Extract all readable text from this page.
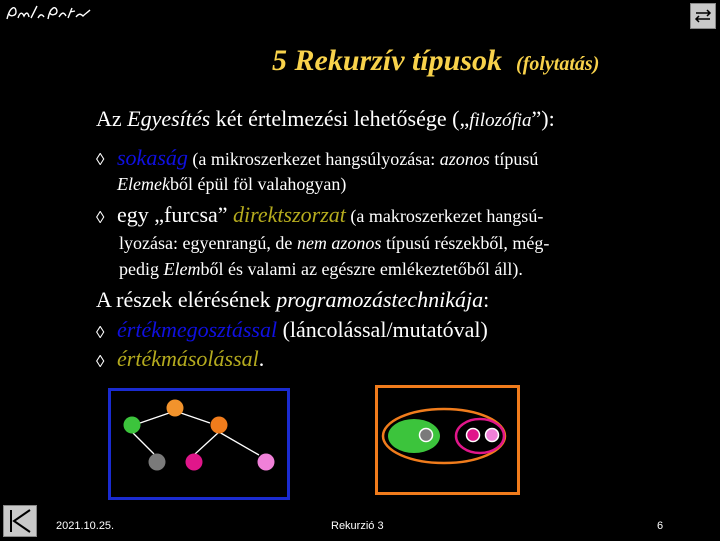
5 Rekurzív típusok (folytatás)
Az Egyesítés két értelmezési lehetősége („filozófia”):
◊ sokaság (a mikroszerkezet hangsúlyozása: azonos típusú
Elemekből épül föl valahogyan)
◊ egy „furcsa” direktszorzat (a makroszerkezet hangsú-
lyozása: egyenrangú, de nem azonos típusú részekből, még-
pedig Elemből és valami az egészre emlékeztetőből áll).
A részek elérésének programozástechnikája:
◊ értékmegosztással (láncolással/mutatóval)
◊ értékmásolással.
2021.10.25.	Rekurzió 3	6
